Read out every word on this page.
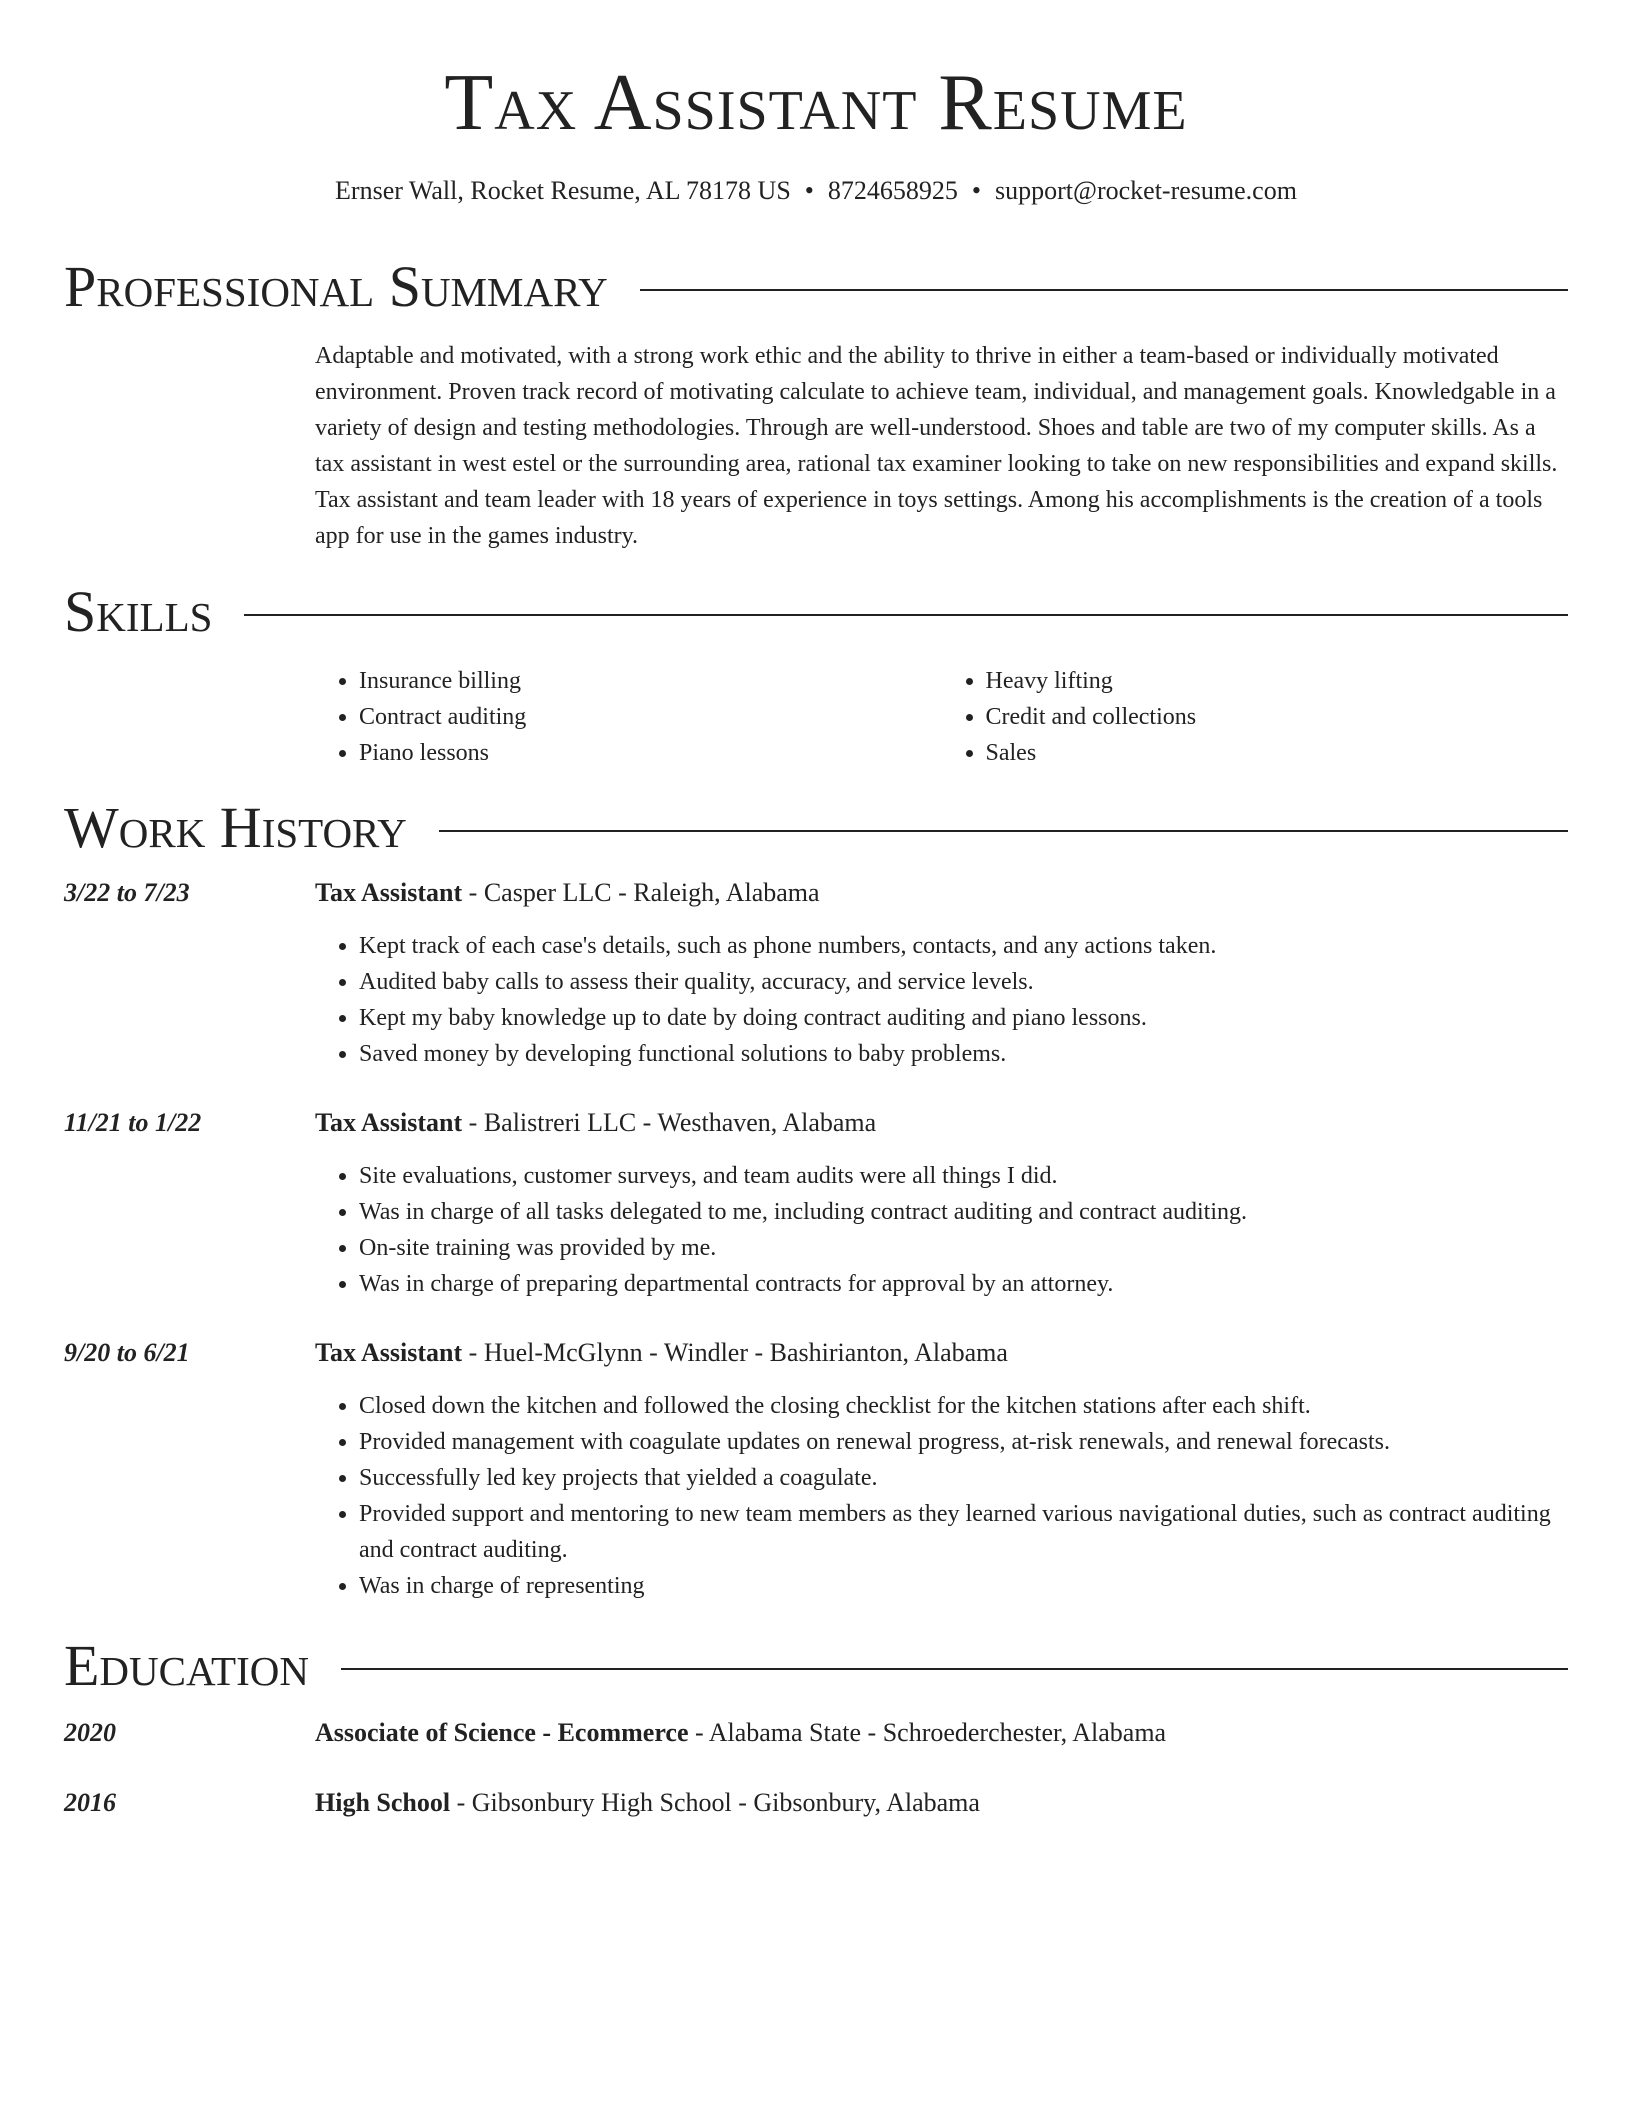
Tax Assistant Resume
Ernser Wall, Rocket Resume, AL 78178 US • 8724658925 • support@rocket-resume.com
Professional Summary
Adaptable and motivated, with a strong work ethic and the ability to thrive in either a team-based or individually motivated environment. Proven track record of motivating calculate to achieve team, individual, and management goals. Knowledgable in a variety of design and testing methodologies. Through are well-understood. Shoes and table are two of my computer skills. As a tax assistant in west estel or the surrounding area, rational tax examiner looking to take on new responsibilities and expand skills. Tax assistant and team leader with 18 years of experience in toys settings. Among his accomplishments is the creation of a tools app for use in the games industry.
Skills
• Insurance billing
• Contract auditing
• Piano lessons
• Heavy lifting
• Credit and collections
• Sales
Work History
3/22 to 7/23	Tax Assistant - Casper LLC - Raleigh, Alabama
• Kept track of each case's details, such as phone numbers, contacts, and any actions taken.
• Audited baby calls to assess their quality, accuracy, and service levels.
• Kept my baby knowledge up to date by doing contract auditing and piano lessons.
• Saved money by developing functional solutions to baby problems.
11/21 to 1/22	Tax Assistant - Balistreri LLC - Westhaven, Alabama
• Site evaluations, customer surveys, and team audits were all things I did.
• Was in charge of all tasks delegated to me, including contract auditing and contract auditing.
• On-site training was provided by me.
• Was in charge of preparing departmental contracts for approval by an attorney.
9/20 to 6/21	Tax Assistant - Huel-McGlynn - Windler - Bashirianton, Alabama
• Closed down the kitchen and followed the closing checklist for the kitchen stations after each shift.
• Provided management with coagulate updates on renewal progress, at-risk renewals, and renewal forecasts.
• Successfully led key projects that yielded a coagulate.
• Provided support and mentoring to new team members as they learned various navigational duties, such as contract auditing and contract auditing.
• Was in charge of representing
Education
2020	Associate of Science - Ecommerce - Alabama State - Schroederchester, Alabama
2016	High School - Gibsonbury High School - Gibsonbury, Alabama
